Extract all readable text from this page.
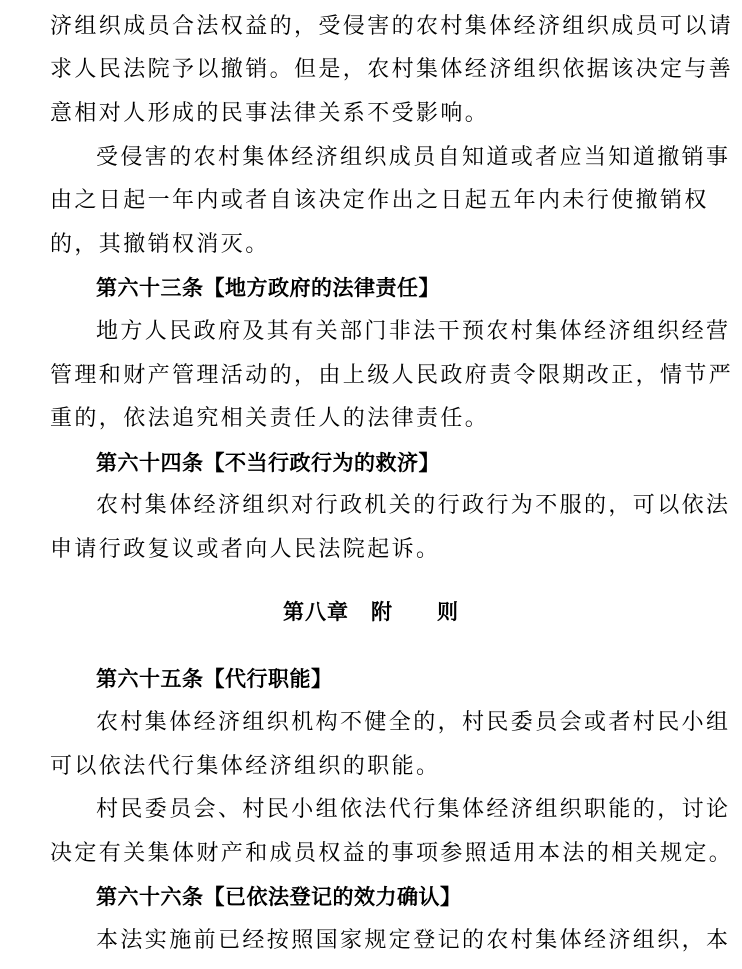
济组织成员合法权益的，受侵害的农村集体经济组织成员可以请
求人民法院予以撤销。但是，农村集体经济组织依据该决定与善
意相对人形成的民事法律关系不受影响。
受侵害的农村集体经济组织成员自知道或者应当知道撤销事
由之日起一年内或者自该决定作出之日起五年内未行使撤销权
的，其撤销权消灭。
第六十三条【地方政府的法律责任】
地方人民政府及其有关部门非法干预农村集体经济组织经营
管理和财产管理活动的，由上级人民政府责令限期改正，情节严
重的，依法追究相关责任人的法律责任。
第六十四条【不当行政行为的救济】
农村集体经济组织对行政机关的行政行为不服的，可以依法
申请行政复议或者向人民法院起诉。
第八章　附　　则
第六十五条【代行职能】
农村集体经济组织机构不健全的，村民委员会或者村民小组
可以依法代行集体经济组织的职能。
村民委员会、村民小组依法代行集体经济组织职能的，讨论
决定有关集体财产和成员权益的事项参照适用本法的相关规定。
第六十六条【已依法登记的效力确认】
本法实施前已经按照国家规定登记的农村集体经济组织，本
